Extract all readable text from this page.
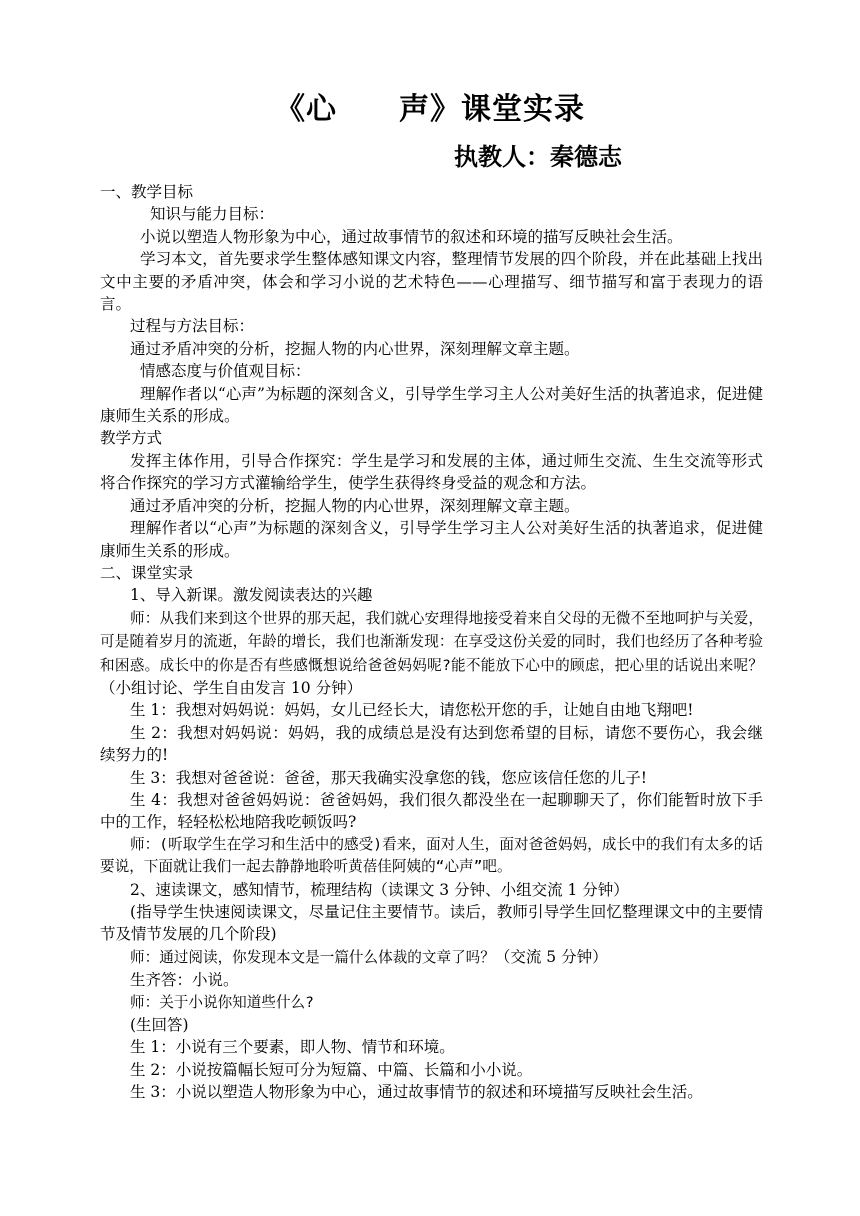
《心　　声》课堂实录
执教人：秦德志

一、教学目标

知识与能力目标：

小说以塑造人物形象为中心，通过故事情节的叙述和环境的描写反映社会生活。

学习本文，首先要求学生整体感知课文内容，整理情节发展的四个阶段，并在此基础上找出文中主要的矛盾冲突，体会和学习小说的艺术特色——心理描写、细节描写和富于表现力的语言。

过程与方法目标：

通过矛盾冲突的分析，挖掘人物的内心世界，深刻理解文章主题。

情感态度与价值观目标：

理解作者以“心声”为标题的深刻含义，引导学生学习主人公对美好生活的执著追求，促进健康师生关系的形成。

教学方式

发挥主体作用，引导合作探究：学生是学习和发展的主体，通过师生交流、生生交流等形式将合作探究的学习方式灌输给学生，使学生获得终身受益的观念和方法。

通过矛盾冲突的分析，挖掘人物的内心世界，深刻理解文章主题。

理解作者以“心声”为标题的深刻含义，引导学生学习主人公对美好生活的执著追求，促进健康师生关系的形成。

二、课堂实录

1、导入新课。激发阅读表达的兴趣

师：从我们来到这个世界的那天起，我们就心安理得地接受着来自父母的无微不至地呵护与关爱，可是随着岁月的流逝，年龄的增长，我们也渐渐发现：在享受这份关爱的同时，我们也经历了各种考验和困惑。成长中的你是否有些感慨想说给爸爸妈妈呢?能不能放下心中的顾虑，把心里的话说出来呢？（小组讨论、学生自由发言 10 分钟）

生 1：我想对妈妈说：妈妈，女儿已经长大，请您松开您的手，让她自由地飞翔吧!

生 2：我想对妈妈说：妈妈，我的成绩总是没有达到您希望的目标，请您不要伤心，我会继续努力的!

生 3：我想对爸爸说：爸爸，那天我确实没拿您的钱，您应该信任您的儿子!

生 4：我想对爸爸妈妈说：爸爸妈妈，我们很久都没坐在一起聊聊天了，你们能暂时放下手中的工作，轻轻松松地陪我吃顿饭吗?

师：(听取学生在学习和生活中的感受)看来，面对人生，面对爸爸妈妈，成长中的我们有太多的话要说，下面就让我们一起去静静地聆听黄蓓佳阿姨的“心声”吧。

2、速读课文，感知情节，梳理结构（读课文 3 分钟、小组交流 1 分钟）

(指导学生快速阅读课文，尽量记住主要情节。读后，教师引导学生回忆整理课文中的主要情节及情节发展的几个阶段)

师：通过阅读，你发现本文是一篇什么体裁的文章了吗？（交流 5 分钟）

生齐答：小说。

师：关于小说你知道些什么?

(生回答)

生 1：小说有三个要素，即人物、情节和环境。

生 2：小说按篇幅长短可分为短篇、中篇、长篇和小小说。

生 3：小说以塑造人物形象为中心，通过故事情节的叙述和环境描写反映社会生活。
